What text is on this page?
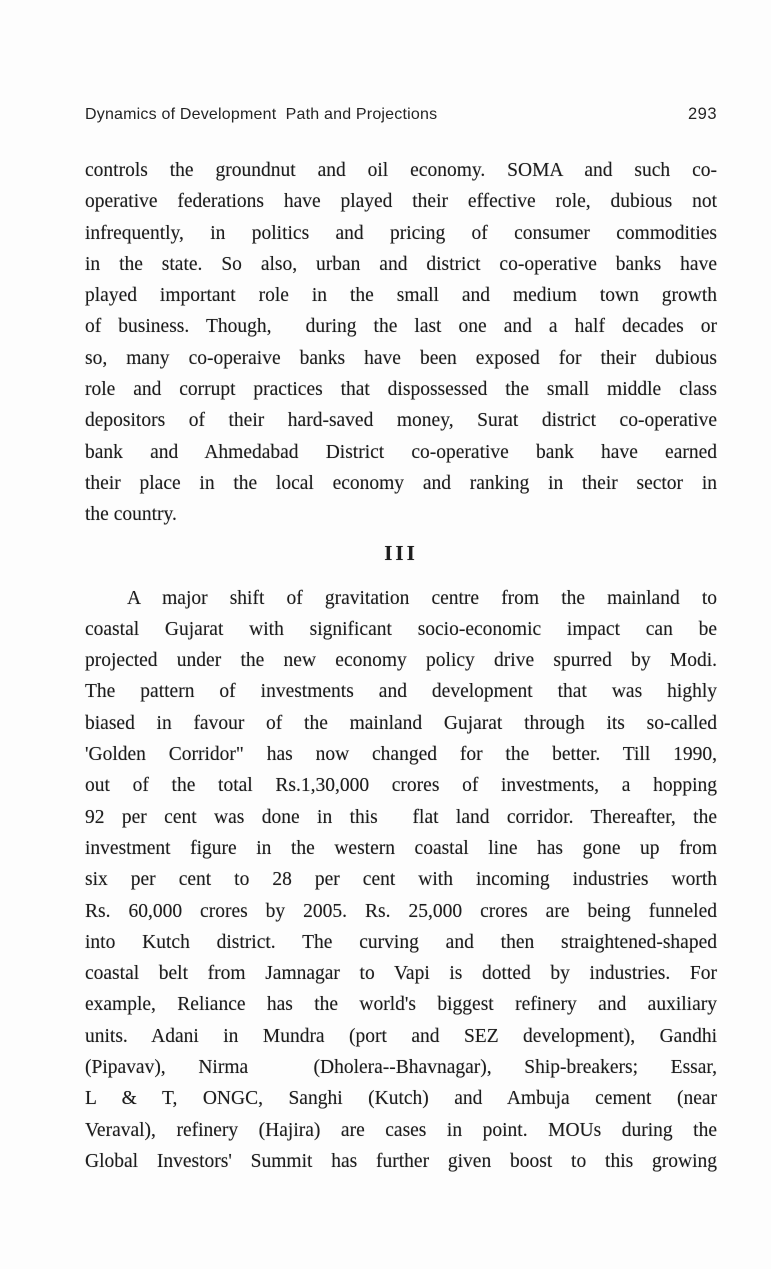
Dynamics of Development  Path and Projections	293
controls the groundnut and oil economy. SOMA and such co-
operative federations have played their effective role, dubious not
infrequently, in politics and pricing of consumer commodities
in the state. So also, urban and district co-operative banks have
played important role in the small and medium town growth
of business. Though,  during the last one and a half decades or
so, many co-operaive banks have been exposed for their dubious
role and corrupt practices that dispossessed the small middle class
depositors of their hard-saved money, Surat district co-operative
bank and Ahmedabad District co-operative bank have earned
their place in the local economy and ranking in their sector in
the country.
III
A major shift of gravitation centre from the mainland to
coastal Gujarat with significant socio-economic impact can be
projected under the new economy policy drive spurred by Modi.
The pattern of investments and development that was highly
biased in favour of the mainland Gujarat through its so-called
'Golden Corridor" has now changed for the better. Till 1990,
out of the total Rs.1,30,000 crores of investments, a hopping
92 per cent was done in this  flat land corridor. Thereafter, the
investment figure in the western coastal line has gone up from
six per cent to 28 per cent with incoming industries worth
Rs. 60,000 crores by 2005. Rs. 25,000 crores are being funneled
into Kutch district. The curving and then straightened-shaped
coastal belt from Jamnagar to Vapi is dotted by industries. For
example, Reliance has the world's biggest refinery and auxiliary
units. Adani in Mundra (port and SEZ development), Gandhi
(Pipavav), Nirma  (Dholera--Bhavnagar), Ship-breakers; Essar,
L & T, ONGC, Sanghi (Kutch) and Ambuja cement (near
Veraval), refinery (Hajira) are cases in point. MOUs during the
Global Investors' Summit has further given boost to this growing
